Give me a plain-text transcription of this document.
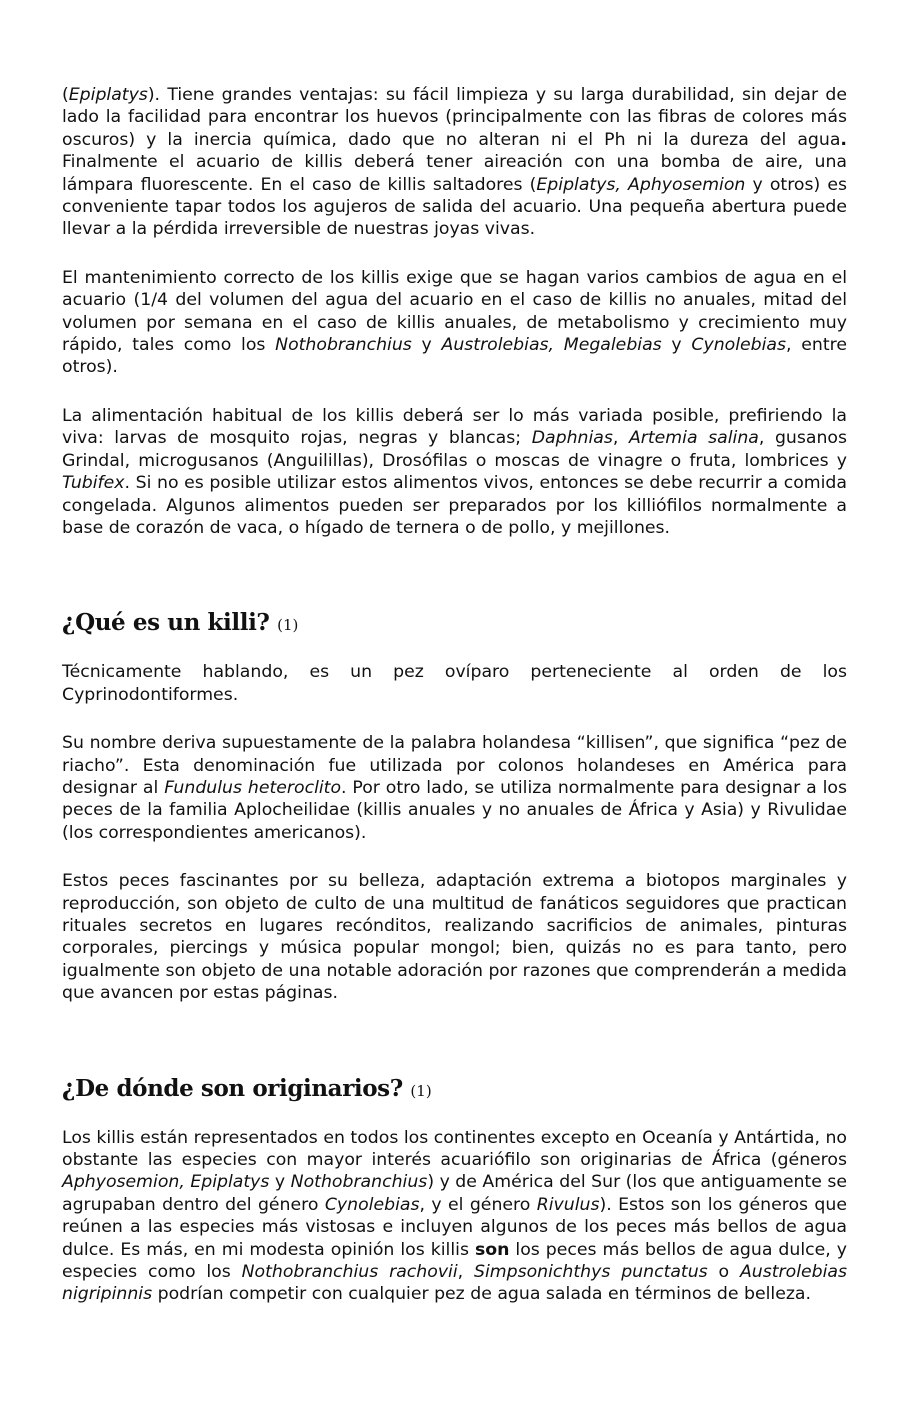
(Epiplatys). Tiene grandes ventajas: su fácil limpieza y su larga durabilidad, sin dejar de lado la facilidad para encontrar los huevos (principalmente con las fibras de colores más oscuros) y la inercia química, dado que no alteran ni el Ph ni la dureza del agua. Finalmente el acuario de killis deberá tener aireación con una bomba de aire, una lámpara fluorescente. En el caso de killis saltadores (Epiplatys, Aphyosemion y otros) es conveniente tapar todos los agujeros de salida del acuario. Una pequeña abertura puede llevar a la pérdida irreversible de nuestras joyas vivas.

El mantenimiento correcto de los killis exige que se hagan varios cambios de agua en el acuario (1/4 del volumen del agua del acuario en el caso de killis no anuales, mitad del volumen por semana en el caso de killis anuales, de metabolismo y crecimiento muy rápido, tales como los Nothobranchius y Austrolebias, Megalebias y Cynolebias, entre otros).

La alimentación habitual de los killis deberá ser lo más variada posible, prefiriendo la viva: larvas de mosquito rojas, negras y blancas; Daphnias, Artemia salina, gusanos Grindal, microgusanos (Anguilillas), Drosófilas o moscas de vinagre o fruta, lombrices y Tubifex. Si no es posible utilizar estos alimentos vivos, entonces se debe recurrir a comida congelada. Algunos alimentos pueden ser preparados por los killiófilos normalmente a base de corazón de vaca, o hígado de ternera o de pollo, y mejillones.

¿Qué es un killi? (1)

Técnicamente hablando, es un pez ovíparo perteneciente al orden de los Cyprinodontiformes.

Su nombre deriva supuestamente de la palabra holandesa “killisen”, que significa “pez de riacho”. Esta denominación fue utilizada por colonos holandeses en América para designar al Fundulus heteroclito. Por otro lado, se utiliza normalmente para designar a los peces de la familia Aplocheilidae (killis anuales y no anuales de África y Asia) y Rivulidae (los correspondientes americanos).

Estos peces fascinantes por su belleza, adaptación extrema a biotopos marginales y reproducción, son objeto de culto de una multitud de fanáticos seguidores que practican rituales secretos en lugares recónditos, realizando sacrificios de animales, pinturas corporales, piercings y música popular mongol; bien, quizás no es para tanto, pero igualmente son objeto de una notable adoración por razones que comprenderán a medida que avancen por estas páginas.

¿De dónde son originarios? (1)

Los killis están representados en todos los continentes excepto en Oceanía y Antártida, no obstante las especies con mayor interés acuariófilo son originarias de África (géneros Aphyosemion, Epiplatys y Nothobranchius) y de América del Sur (los que antiguamente se agrupaban dentro del género Cynolebias, y el género Rivulus). Estos son los géneros que reúnen a las especies más vistosas e incluyen algunos de los peces más bellos de agua dulce. Es más, en mi modesta opinión los killis son los peces más bellos de agua dulce, y especies como los Nothobranchius rachovii, Simpsonichthys punctatus o Austrolebias nigripinnis podrían competir con cualquier pez de agua salada en términos de belleza.
